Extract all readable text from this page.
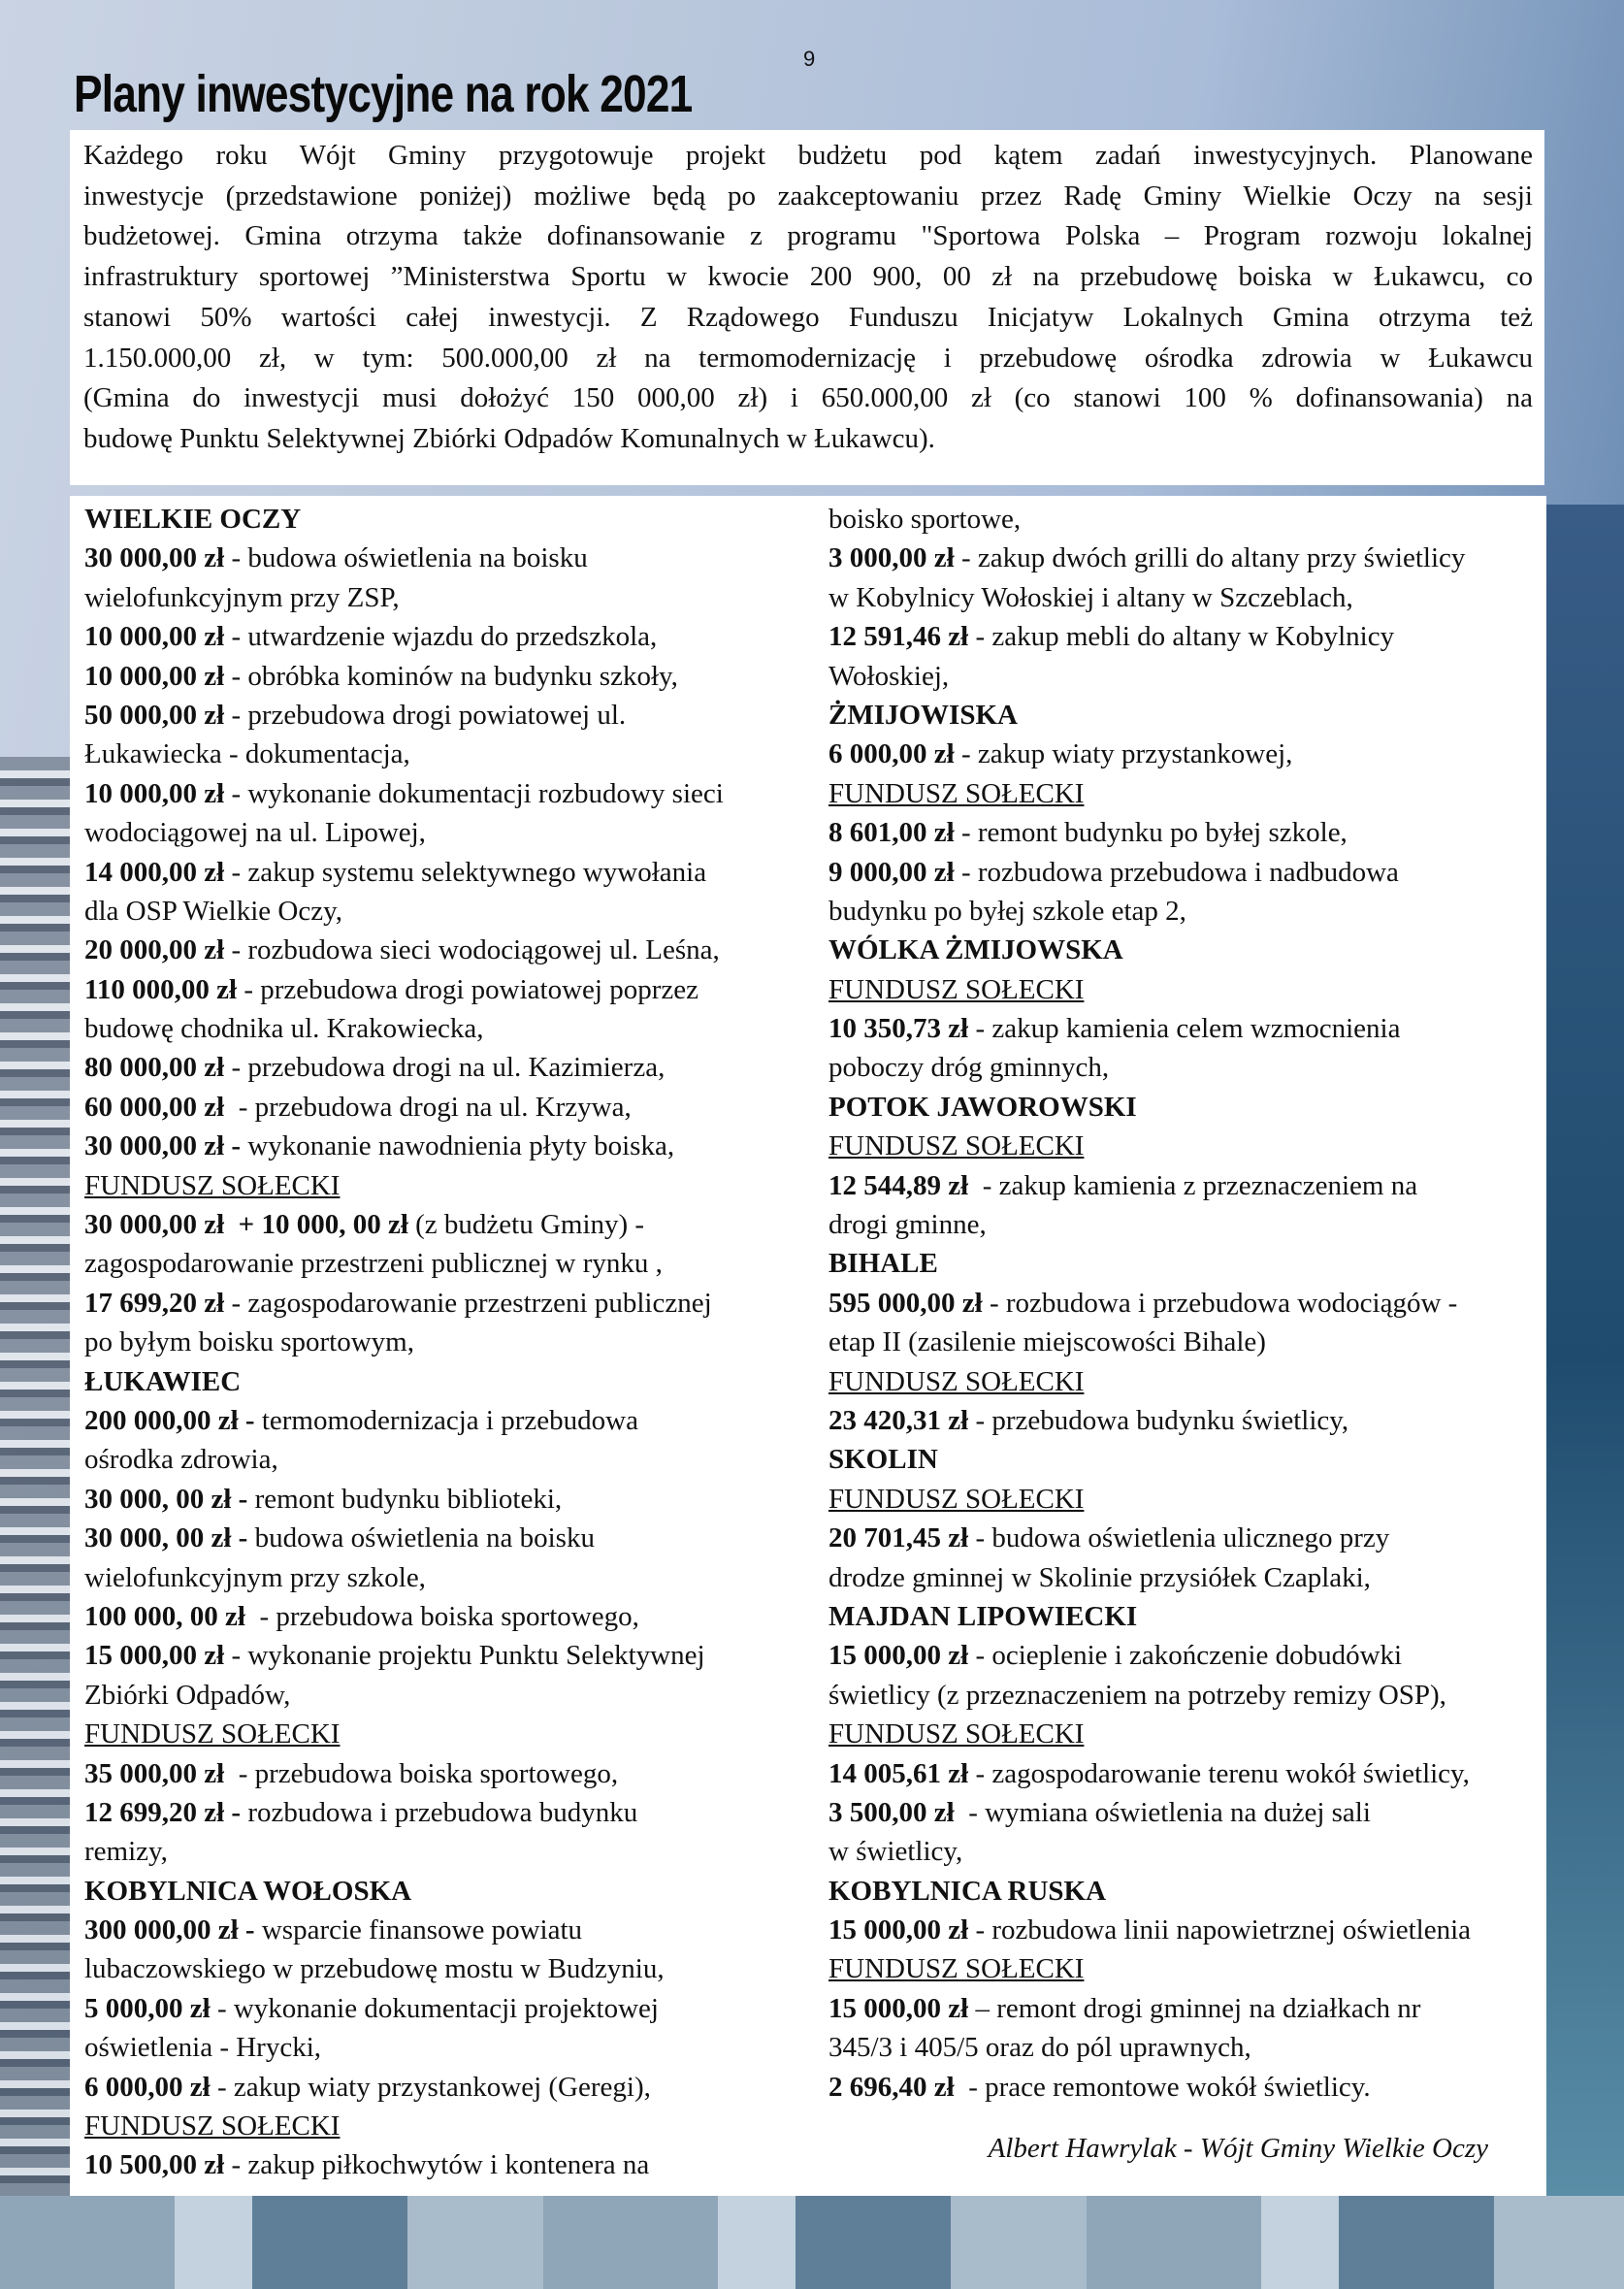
9
Plany inwestycyjne na rok 2021
Każdego roku Wójt Gminy przygotowuje projekt budżetu pod kątem zadań inwestycyjnych. Planowane
inwestycje (przedstawione poniżej) możliwe będą po zaakceptowaniu przez Radę Gminy Wielkie Oczy na sesji
budżetowej. Gmina otrzyma także dofinansowanie z programu "Sportowa Polska – Program rozwoju lokalnej
infrastruktury sportowej ”Ministerstwa Sportu w kwocie 200 900, 00 zł na przebudowę boiska w Łukawcu, co
stanowi 50% wartości całej inwestycji. Z Rządowego Funduszu Inicjatyw Lokalnych Gmina otrzyma też
1.150.000,00 zł, w tym: 500.000,00 zł na termomodernizację i przebudowę ośrodka zdrowia w Łukawcu
(Gmina do inwestycji musi dołożyć 150 000,00 zł) i 650.000,00 zł (co stanowi 100 % dofinansowania) na
budowę Punktu Selektywnej Zbiórki Odpadów Komunalnych w Łukawcu).
WIELKIE OCZY
30 000,00 zł - budowa oświetlenia na boisku
wielofunkcyjnym przy ZSP,
10 000,00 zł - utwardzenie wjazdu do przedszkola,
10 000,00 zł - obróbka kominów na budynku szkoły,
50 000,00 zł - przebudowa drogi powiatowej ul.
Łukawiecka - dokumentacja,
10 000,00 zł - wykonanie dokumentacji rozbudowy sieci
wodociągowej na ul. Lipowej,
14 000,00 zł - zakup systemu selektywnego wywołania
dla OSP Wielkie Oczy,
20 000,00 zł - rozbudowa sieci wodociągowej ul. Leśna,
110 000,00 zł - przebudowa drogi powiatowej poprzez
budowę chodnika ul. Krakowiecka,
80 000,00 zł - przebudowa drogi na ul. Kazimierza,
60 000,00 zł  - przebudowa drogi na ul. Krzywa,
30 000,00 zł - wykonanie nawodnienia płyty boiska,
FUNDUSZ SOŁECKI
30 000,00 zł  + 10 000, 00 zł (z budżetu Gminy) -
zagospodarowanie przestrzeni publicznej w rynku ,
17 699,20 zł - zagospodarowanie przestrzeni publicznej
po byłym boisku sportowym,
ŁUKAWIEC
200 000,00 zł - termomodernizacja i przebudowa
ośrodka zdrowia,
30 000, 00 zł - remont budynku biblioteki,
30 000, 00 zł - budowa oświetlenia na boisku
wielofunkcyjnym przy szkole,
100 000, 00 zł  - przebudowa boiska sportowego,
15 000,00 zł - wykonanie projektu Punktu Selektywnej
Zbiórki Odpadów,
FUNDUSZ SOŁECKI
35 000,00 zł  - przebudowa boiska sportowego,
12 699,20 zł - rozbudowa i przebudowa budynku
remizy,
KOBYLNICA WOŁOSKA
300 000,00 zł - wsparcie finansowe powiatu
lubaczowskiego w przebudowę mostu w Budzyniu,
5 000,00 zł - wykonanie dokumentacji projektowej
oświetlenia - Hrycki,
6 000,00 zł - zakup wiaty przystankowej (Geregi),
FUNDUSZ SOŁECKI
10 500,00 zł - zakup piłkochwytów i kontenera na
boisko sportowe,
3 000,00 zł - zakup dwóch grilli do altany przy świetlicy
w Kobylnicy Wołoskiej i altany w Szczeblach,
12 591,46 zł - zakup mebli do altany w Kobylnicy
Wołoskiej,
ŻMIJOWISKA
6 000,00 zł - zakup wiaty przystankowej,
FUNDUSZ SOŁECKI
8 601,00 zł - remont budynku po byłej szkole,
9 000,00 zł - rozbudowa przebudowa i nadbudowa
budynku po byłej szkole etap 2,
WÓLKA ŻMIJOWSKA
FUNDUSZ SOŁECKI
10 350,73 zł - zakup kamienia celem wzmocnienia
poboczy dróg gminnych,
POTOK JAWOROWSKI
FUNDUSZ SOŁECKI
12 544,89 zł  - zakup kamienia z przeznaczeniem na
drogi gminne,
BIHALE
595 000,00 zł - rozbudowa i przebudowa wodociągów -
etap II (zasilenie miejscowości Bihale)
FUNDUSZ SOŁECKI
23 420,31 zł - przebudowa budynku świetlicy,
SKOLIN
FUNDUSZ SOŁECKI
20 701,45 zł - budowa oświetlenia ulicznego przy
drodze gminnej w Skolinie przysiółek Czaplaki,
MAJDAN LIPOWIECKI
15 000,00 zł - ocieplenie i zakończenie dobudówki
świetlicy (z przeznaczeniem na potrzeby remizy OSP),
FUNDUSZ SOŁECKI
14 005,61 zł - zagospodarowanie terenu wokół świetlicy,
3 500,00 zł  - wymiana oświetlenia na dużej sali
w świetlicy,
KOBYLNICA RUSKA
15 000,00 zł - rozbudowa linii napowietrznej oświetlenia
FUNDUSZ SOŁECKI
15 000,00 zł – remont drogi gminnej na działkach nr
345/3 i 405/5 oraz do pól uprawnych,
2 696,40 zł  - prace remontowe wokół świetlicy.
Albert Hawrylak - Wójt Gminy Wielkie Oczy
